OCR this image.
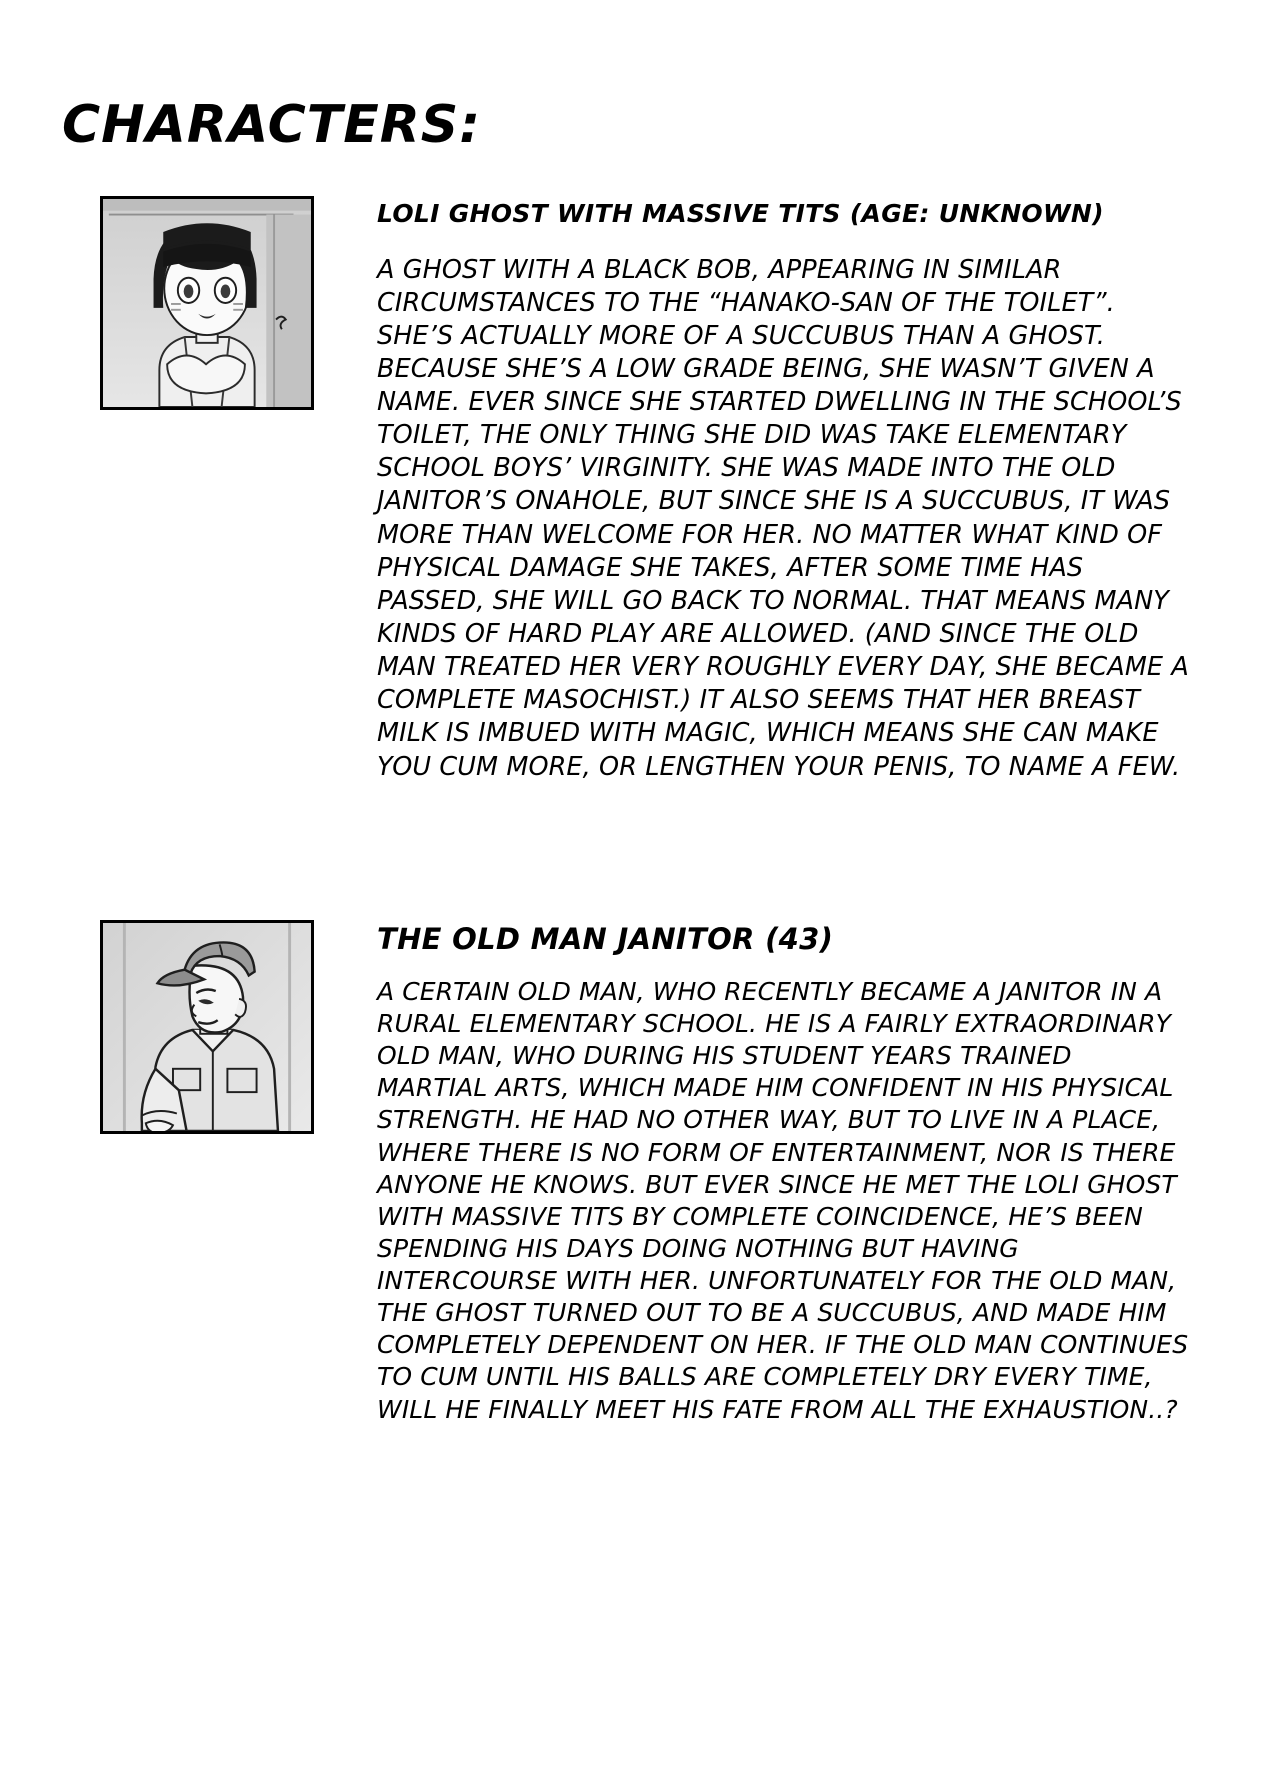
CHARACTERS:
LOLI GHOST WITH MASSIVE TITS (AGE: UNKNOWN)

A GHOST WITH A BLACK BOB, APPEARING IN SIMILAR CIRCUMSTANCES TO THE “HANAKO-SAN OF THE TOILET”. SHE’S ACTUALLY MORE OF A SUCCUBUS THAN A GHOST. BECAUSE SHE’S A LOW GRADE BEING, SHE WASN’T GIVEN A NAME. EVER SINCE SHE STARTED DWELLING IN THE SCHOOL’S TOILET, THE ONLY THING SHE DID WAS TAKE ELEMENTARY SCHOOL BOYS’ VIRGINITY. SHE WAS MADE INTO THE OLD JANITOR’S ONAHOLE, BUT SINCE SHE IS A SUCCUBUS, IT WAS MORE THAN WELCOME FOR HER. NO MATTER WHAT KIND OF PHYSICAL DAMAGE SHE TAKES, AFTER SOME TIME HAS PASSED, SHE WILL GO BACK TO NORMAL. THAT MEANS MANY KINDS OF HARD PLAY ARE ALLOWED. (AND SINCE THE OLD MAN TREATED HER VERY ROUGHLY EVERY DAY, SHE BECAME A COMPLETE MASOCHIST.) IT ALSO SEEMS THAT HER BREAST MILK IS IMBUED WITH MAGIC, WHICH MEANS SHE CAN MAKE YOU CUM MORE, OR LENGTHEN YOUR PENIS, TO NAME A FEW.

THE OLD MAN JANITOR (43)

A CERTAIN OLD MAN, WHO RECENTLY BECAME A JANITOR IN A RURAL ELEMENTARY SCHOOL. HE IS A FAIRLY EXTRAORDINARY OLD MAN, WHO DURING HIS STUDENT YEARS TRAINED MARTIAL ARTS, WHICH MADE HIM CONFIDENT IN HIS PHYSICAL STRENGTH. HE HAD NO OTHER WAY, BUT TO LIVE IN A PLACE, WHERE THERE IS NO FORM OF ENTERTAINMENT, NOR IS THERE ANYONE HE KNOWS. BUT EVER SINCE HE MET THE LOLI GHOST WITH MASSIVE TITS BY COMPLETE COINCIDENCE, HE’S BEEN SPENDING HIS DAYS DOING NOTHING BUT HAVING INTERCOURSE WITH HER. UNFORTUNATELY FOR THE OLD MAN, THE GHOST TURNED OUT TO BE A SUCCUBUS, AND MADE HIM COMPLETELY DEPENDENT ON HER. IF THE OLD MAN CONTINUES TO CUM UNTIL HIS BALLS ARE COMPLETELY DRY EVERY TIME, WILL HE FINALLY MEET HIS FATE FROM ALL THE EXHAUSTION..?
